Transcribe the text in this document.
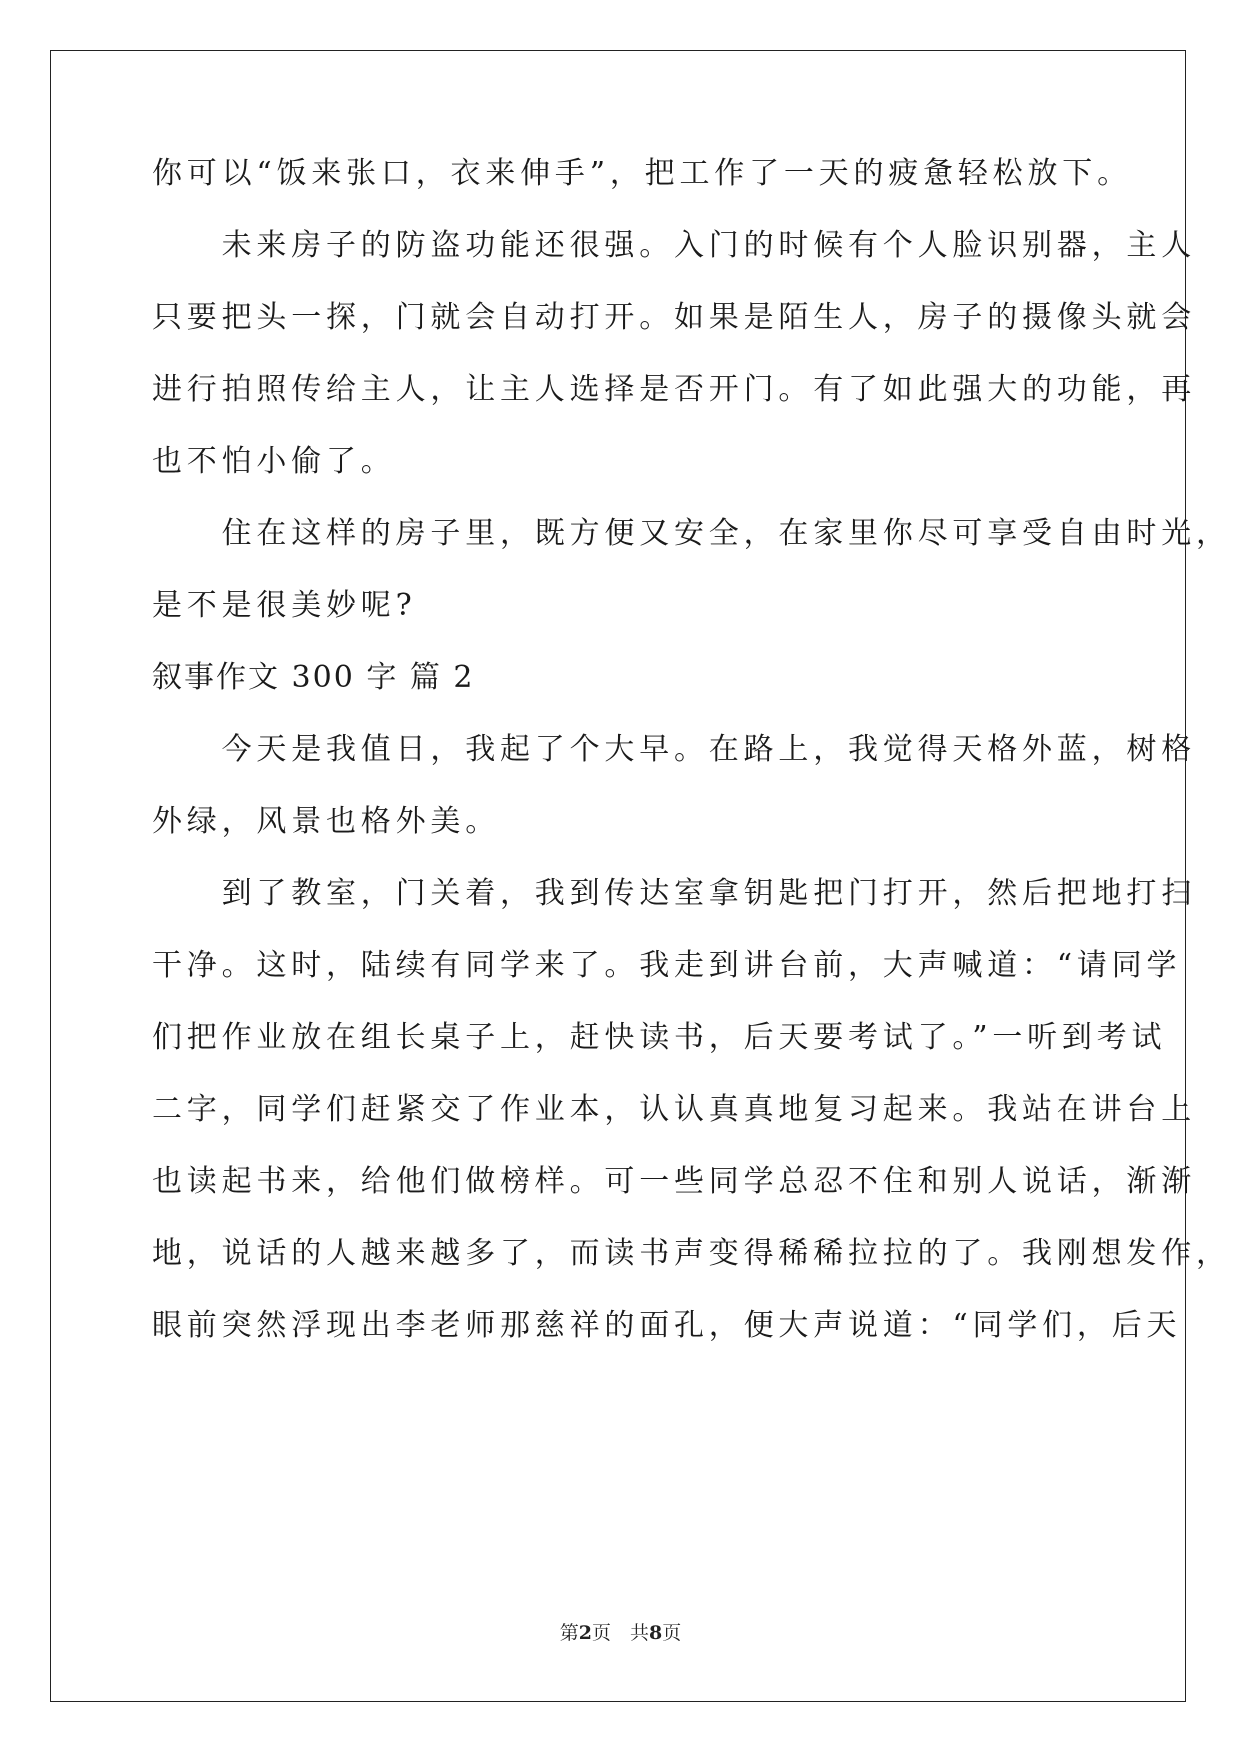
你可以“饭来张口，衣来伸手”，把工作了一天的疲惫轻松放下。
　　未来房子的防盗功能还很强。入门的时候有个人脸识别器，主人
只要把头一探，门就会自动打开。如果是陌生人，房子的摄像头就会
进行拍照传给主人，让主人选择是否开门。有了如此强大的功能，再
也不怕小偷了。
　　住在这样的房子里，既方便又安全，在家里你尽可享受自由时光，
是不是很美妙呢?
叙事作文 300 字 篇 2
　　今天是我值日，我起了个大早。在路上，我觉得天格外蓝，树格
外绿，风景也格外美。
　　到了教室，门关着，我到传达室拿钥匙把门打开，然后把地打扫
干净。这时，陆续有同学来了。我走到讲台前，大声喊道：“请同学
们把作业放在组长桌子上，赶快读书，后天要考试了。”一听到考试
二字，同学们赶紧交了作业本，认认真真地复习起来。我站在讲台上
也读起书来，给他们做榜样。可一些同学总忍不住和别人说话，渐渐
地，说话的人越来越多了，而读书声变得稀稀拉拉的了。我刚想发作，
眼前突然浮现出李老师那慈祥的面孔，便大声说道：“同学们，后天
第2页　共8页
